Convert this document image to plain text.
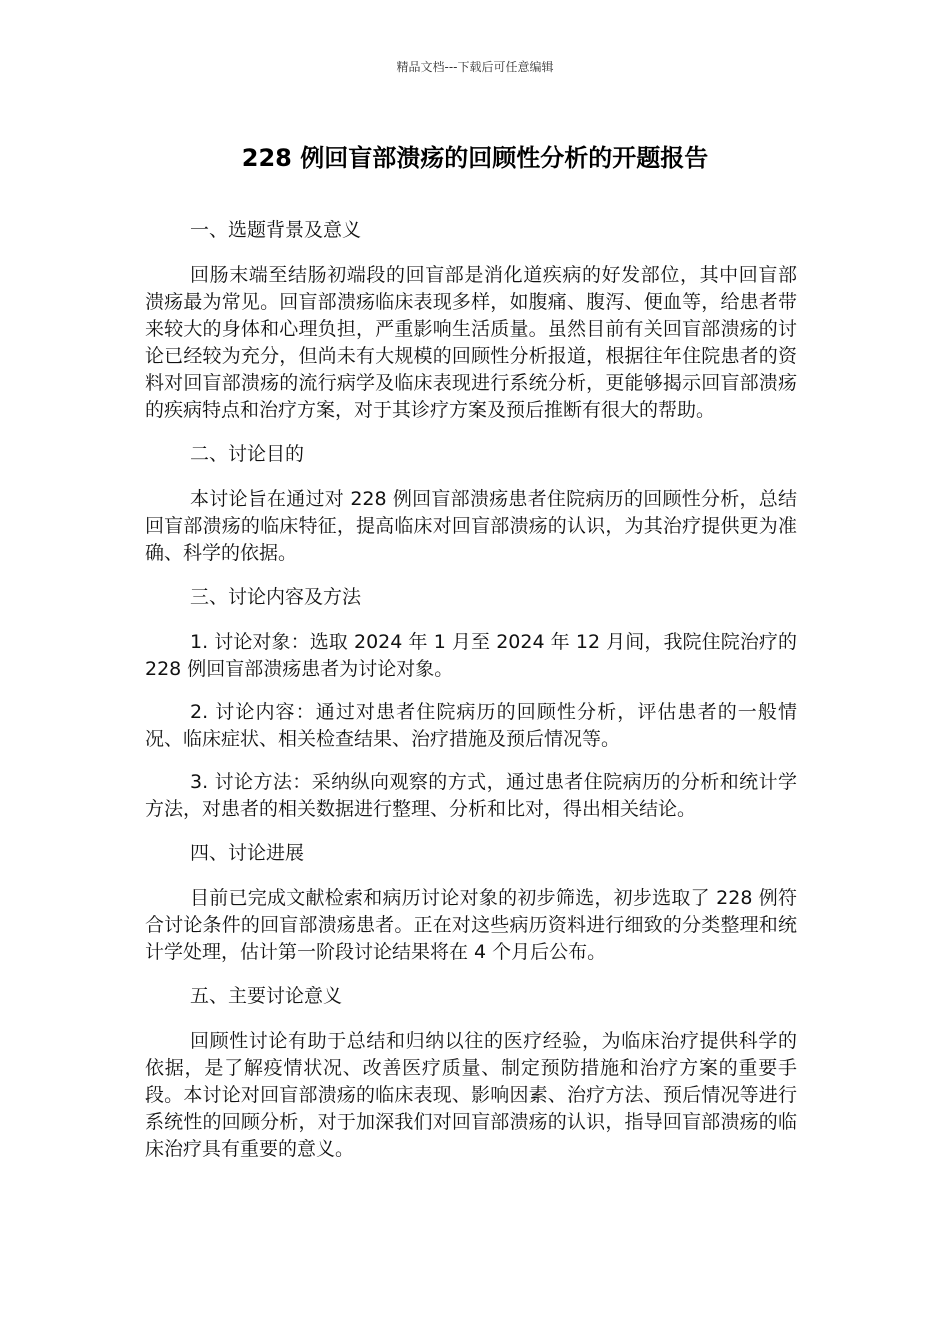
精品文档---下载后可任意编辑
228 例回盲部溃疡的回顾性分析的开题报告

一、选题背景及意义

回肠末端至结肠初端段的回盲部是消化道疾病的好发部位，其中回盲部溃疡最为常见。回盲部溃疡临床表现多样，如腹痛、腹泻、便血等，给患者带来较大的身体和心理负担，严重影响生活质量。虽然目前有关回盲部溃疡的讨论已经较为充分，但尚未有大规模的回顾性分析报道，根据往年住院患者的资料对回盲部溃疡的流行病学及临床表现进行系统分析，更能够揭示回盲部溃疡的疾病特点和治疗方案，对于其诊疗方案及预后推断有很大的帮助。

二、讨论目的

本讨论旨在通过对 228 例回盲部溃疡患者住院病历的回顾性分析，总结回盲部溃疡的临床特征，提高临床对回盲部溃疡的认识，为其治疗提供更为准确、科学的依据。

三、讨论内容及方法

1. 讨论对象：选取 2024 年 1 月至 2024 年 12 月间，我院住院治疗的 228 例回盲部溃疡患者为讨论对象。

2. 讨论内容：通过对患者住院病历的回顾性分析，评估患者的一般情况、临床症状、相关检查结果、治疗措施及预后情况等。

3. 讨论方法：采纳纵向观察的方式，通过患者住院病历的分析和统计学方法，对患者的相关数据进行整理、分析和比对，得出相关结论。

四、讨论进展

目前已完成文献检索和病历讨论对象的初步筛选，初步选取了 228 例符合讨论条件的回盲部溃疡患者。正在对这些病历资料进行细致的分类整理和统计学处理，估计第一阶段讨论结果将在 4 个月后公布。

五、主要讨论意义

回顾性讨论有助于总结和归纳以往的医疗经验，为临床治疗提供科学的依据，是了解疫情状况、改善医疗质量、制定预防措施和治疗方案的重要手段。本讨论对回盲部溃疡的临床表现、影响因素、治疗方法、预后情况等进行系统性的回顾分析，对于加深我们对回盲部溃疡的认识，指导回盲部溃疡的临床治疗具有重要的意义。
